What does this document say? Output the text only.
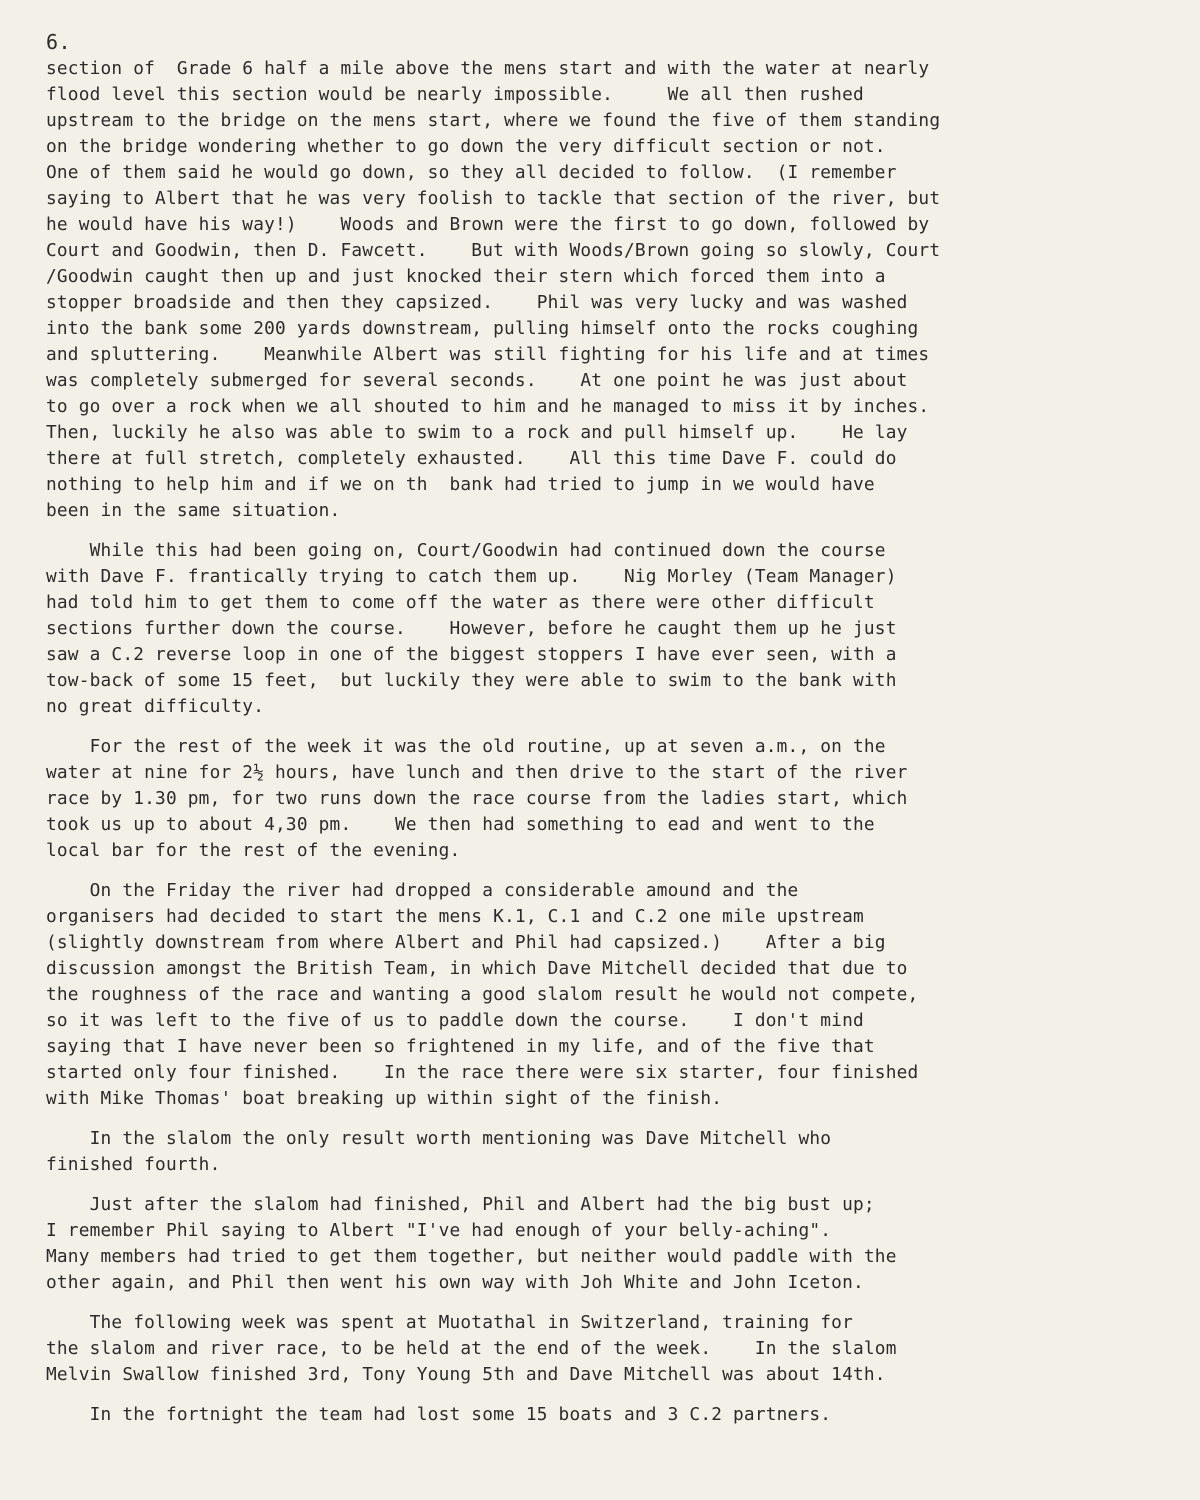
6.
section of  Grade 6 half a mile above the mens start and with the water at nearly
flood level this section would be nearly impossible.     We all then rushed
upstream to the bridge on the mens start, where we found the five of them standing
on the bridge wondering whether to go down the very difficult section or not.
One of them said he would go down, so they all decided to follow.  (I remember
saying to Albert that he was very foolish to tackle that section of the river, but
he would have his way!)    Woods and Brown were the first to go down, followed by
Court and Goodwin, then D. Fawcett.    But with Woods/Brown going so slowly, Court
/Goodwin caught then up and just knocked their stern which forced them into a
stopper broadside and then they capsized.    Phil was very lucky and was washed
into the bank some 200 yards downstream, pulling himself onto the rocks coughing
and spluttering.    Meanwhile Albert was still fighting for his life and at times
was completely submerged for several seconds.    At one point he was just about
to go over a rock when we all shouted to him and he managed to miss it by inches.
Then, luckily he also was able to swim to a rock and pull himself up.    He lay
there at full stretch, completely exhausted.    All this time Dave F. could do
nothing to help him and if we on th  bank had tried to jump in we would have
been in the same situation.
While this had been going on, Court/Goodwin had continued down the course
with Dave F. frantically trying to catch them up.    Nig Morley (Team Manager)
had told him to get them to come off the water as there were other difficult
sections further down the course.    However, before he caught them up he just
saw a C.2 reverse loop in one of the biggest stoppers I have ever seen, with a
tow-back of some 15 feet,  but luckily they were able to swim to the bank with
no great difficulty.
For the rest of the week it was the old routine, up at seven a.m., on the
water at nine for 2½ hours, have lunch and then drive to the start of the river
race by 1.30 pm, for two runs down the race course from the ladies start, which
took us up to about 4,30 pm.    We then had something to ead and went to the
local bar for the rest of the evening.
On the Friday the river had dropped a considerable amound and the
organisers had decided to start the mens K.1, C.1 and C.2 one mile upstream
(slightly downstream from where Albert and Phil had capsized.)    After a big
discussion amongst the British Team, in which Dave Mitchell decided that due to
the roughness of the race and wanting a good slalom result he would not compete,
so it was left to the five of us to paddle down the course.    I don't mind
saying that I have never been so frightened in my life, and of the five that
started only four finished.    In the race there were six starter, four finished
with Mike Thomas' boat breaking up within sight of the finish.
In the slalom the only result worth mentioning was Dave Mitchell who
finished fourth.
Just after the slalom had finished, Phil and Albert had the big bust up;
I remember Phil saying to Albert "I've had enough of your belly-aching".
Many members had tried to get them together, but neither would paddle with the
other again, and Phil then went his own way with Joh White and John Iceton.
The following week was spent at Muotathal in Switzerland, training for
the slalom and river race, to be held at the end of the week.    In the slalom
Melvin Swallow finished 3rd, Tony Young 5th and Dave Mitchell was about 14th.
In the fortnight the team had lost some 15 boats and 3 C.2 partners.
